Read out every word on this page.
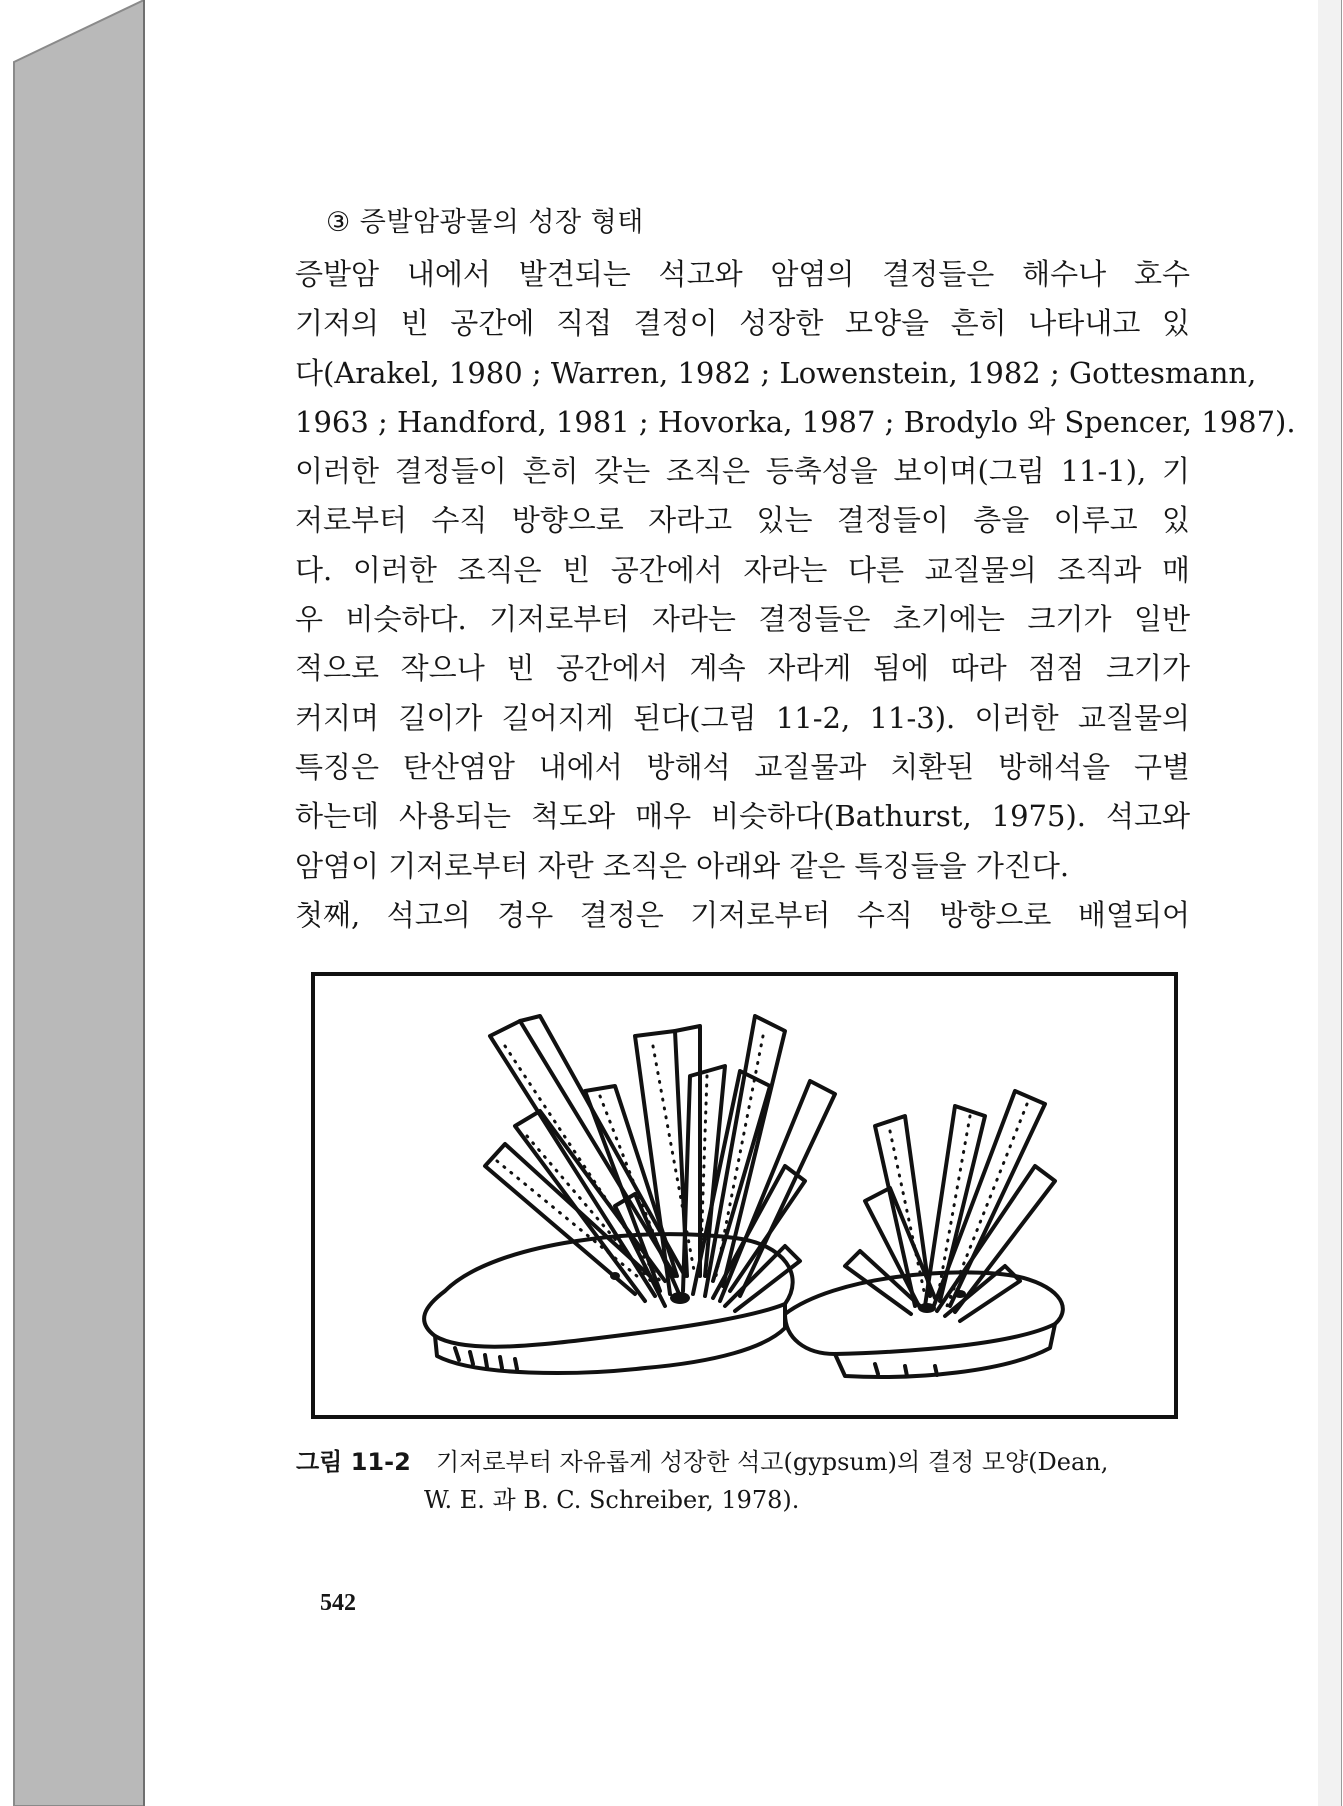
③ 증발암광물의 성장 형태
증발암 내에서 발견되는 석고와 암염의 결정들은 해수나 호수
기저의 빈 공간에 직접 결정이 성장한 모양을 흔히 나타내고 있
다(Arakel, 1980 ; Warren, 1982 ; Lowenstein, 1982 ; Gottesmann,
1963 ; Handford, 1981 ; Hovorka, 1987 ; Brodylo 와 Spencer, 1987).
이러한 결정들이 흔히 갖는 조직은 등축성을 보이며(그림 11-1), 기
저로부터 수직 방향으로 자라고 있는 결정들이 층을 이루고 있
다. 이러한 조직은 빈 공간에서 자라는 다른 교질물의 조직과 매
우 비슷하다. 기저로부터 자라는 결정들은 초기에는 크기가 일반
적으로 작으나 빈 공간에서 계속 자라게 됨에 따라 점점 크기가
커지며 길이가 길어지게 된다(그림 11-2, 11-3). 이러한 교질물의
특징은 탄산염암 내에서 방해석 교질물과 치환된 방해석을 구별
하는데 사용되는 척도와 매우 비슷하다(Bathurst, 1975). 석고와
암염이 기저로부터 자란 조직은 아래와 같은 특징들을 가진다.
첫째, 석고의 경우 결정은 기저로부터 수직 방향으로 배열되어
그림 11-2	기저로부터 자유롭게 성장한 석고(gypsum)의 결정 모양(Dean,
W. E. 과 B. C. Schreiber, 1978).
542
